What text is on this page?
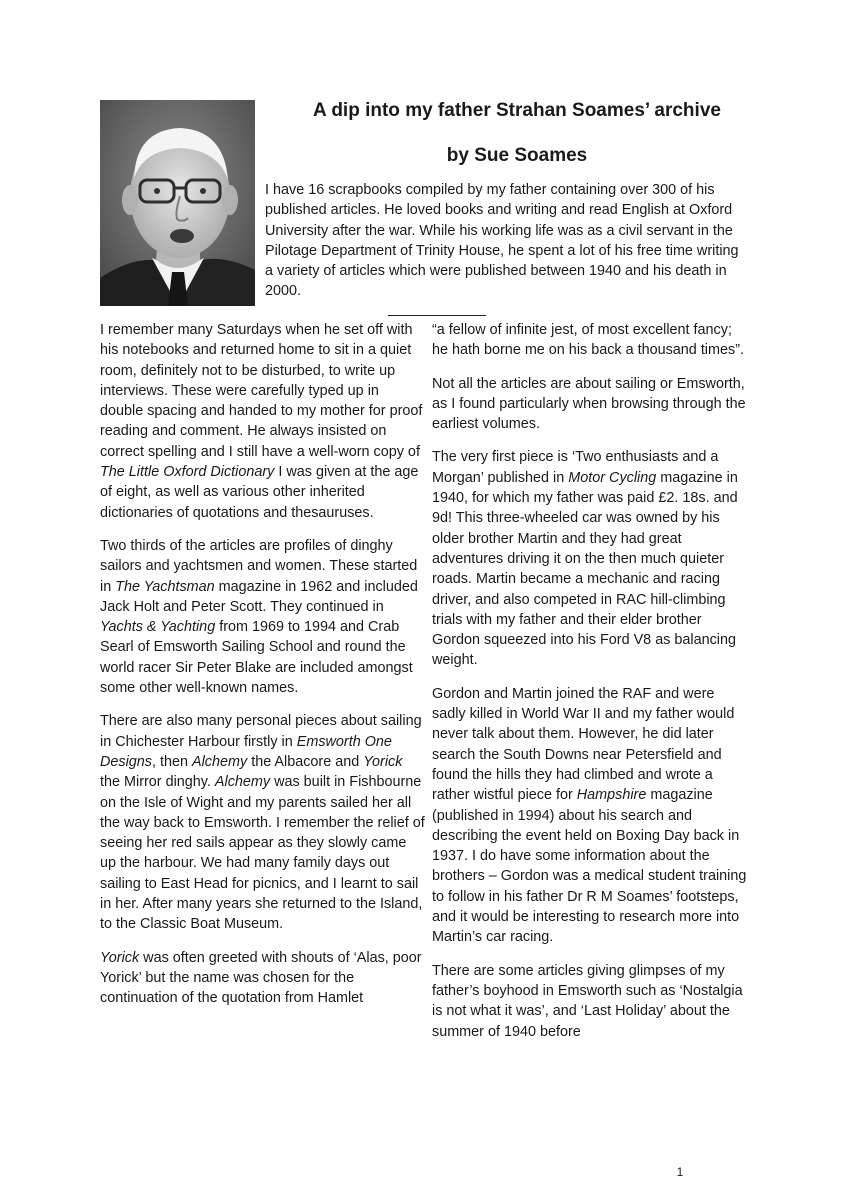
A dip into my father Strahan Soames’ archive
by Sue Soames

I have 16 scrapbooks compiled by my father containing over 300 of his published articles. He loved books and writing and read English at Oxford University after the war. While his working life was as a civil servant in the Pilotage Department of Trinity House, he spent a lot of his free time writing a variety of articles which were published between 1940 and his death in 2000.

I remember many Saturdays when he set off with his notebooks and returned home to sit in a quiet room, definitely not to be disturbed, to write up interviews. These were carefully typed up in double spacing and handed to my mother for proof reading and comment. He always insisted on correct spelling and I still have a well-worn copy of The Little Oxford Dictionary I was given at the age of eight, as well as various other inherited dictionaries of quotations and thesauruses.

Two thirds of the articles are profiles of dinghy sailors and yachtsmen and women. These started in The Yachtsman magazine in 1962 and included Jack Holt and Peter Scott. They continued in Yachts & Yachting from 1969 to 1994 and Crab Searl of Emsworth Sailing School and round the world racer Sir Peter Blake are included amongst some other well-known names.

There are also many personal pieces about sailing in Chichester Harbour firstly in Emsworth One Designs, then Alchemy the Albacore and Yorick the Mirror dinghy. Alchemy was built in Fishbourne on the Isle of Wight and my parents sailed her all the way back to Emsworth. I remember the relief of seeing her red sails appear as they slowly came up the harbour. We had many family days out sailing to East Head for picnics, and I learnt to sail in her. After many years she returned to the Island, to the Classic Boat Museum.

Yorick was often greeted with shouts of ‘Alas, poor Yorick’ but the name was chosen for the continuation of the quotation from Hamlet

“a fellow of infinite jest, of most excellent fancy; he hath borne me on his back a thousand times”.

Not all the articles are about sailing or Emsworth, as I found particularly when browsing through the earliest volumes.

The very first piece is ‘Two enthusiasts and a Morgan’ published in Motor Cycling magazine in 1940, for which my father was paid £2. 18s. and 9d! This three-wheeled car was owned by his older brother Martin and they had great adventures driving it on the then much quieter roads. Martin became a mechanic and racing driver, and also competed in RAC hill-climbing trials with my father and their elder brother Gordon squeezed into his Ford V8 as balancing weight.

Gordon and Martin joined the RAF and were sadly killed in World War II and my father would never talk about them. However, he did later search the South Downs near Petersfield and found the hills they had climbed and wrote a rather wistful piece for Hampshire magazine (published in 1994) about his search and describing the event held on Boxing Day back in 1937. I do have some information about the brothers – Gordon was a medical student training to follow in his father Dr R M Soames’ footsteps, and it would be interesting to research more into Martin’s car racing.

There are some articles giving glimpses of my father’s boyhood in Emsworth such as ‘Nostalgia is not what it was’, and ‘Last Holiday’ about the summer of 1940 before

1
